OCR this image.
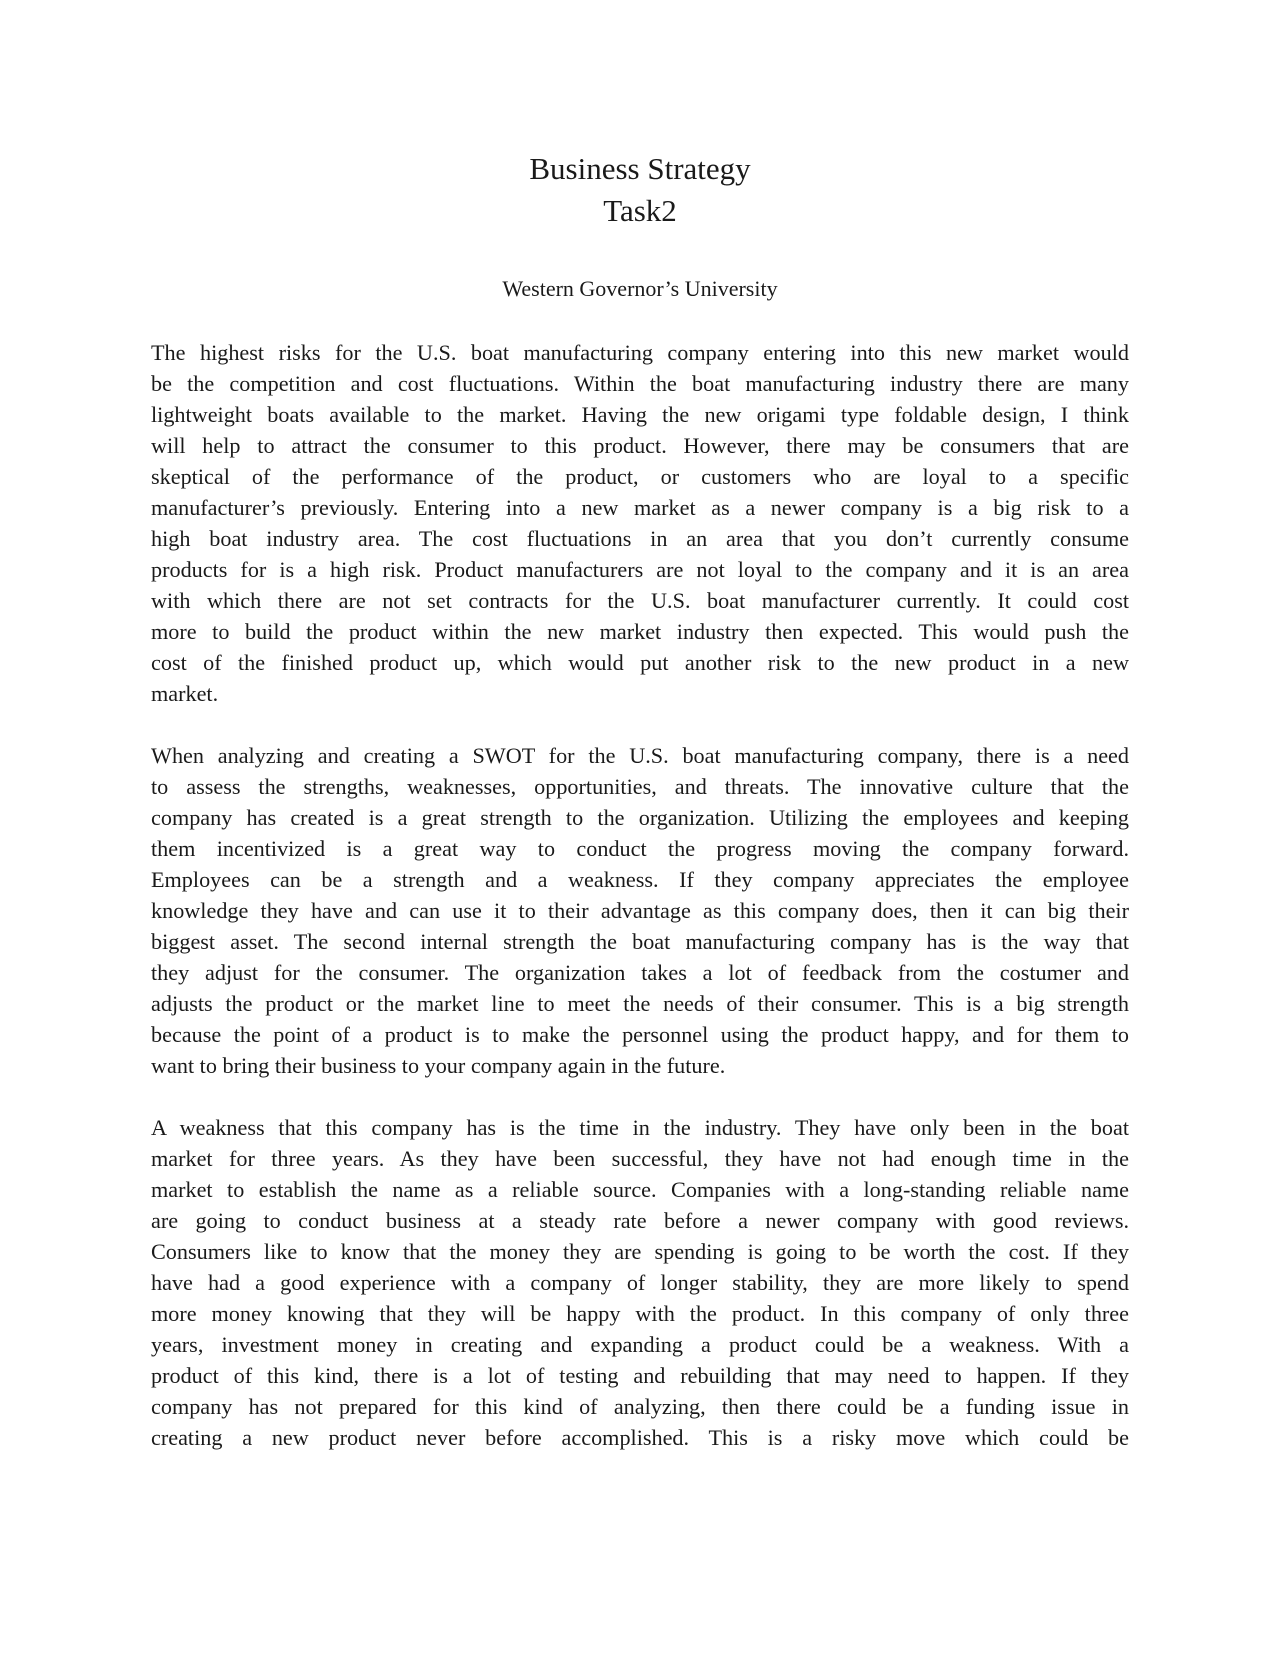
Business Strategy
Task2
Western Governor’s University

The highest risks for the U.S. boat manufacturing company entering into this new market would
be the competition and cost fluctuations. Within the boat manufacturing industry there are many
lightweight boats available to the market. Having the new origami type foldable design, I think
will help to attract the consumer to this product. However, there may be consumers that are
skeptical of the performance of the product, or customers who are loyal to a specific
manufacturer’s previously. Entering into a new market as a newer company is a big risk to a
high boat industry area. The cost fluctuations in an area that you don’t currently consume
products for is a high risk. Product manufacturers are not loyal to the company and it is an area
with which there are not set contracts for the U.S. boat manufacturer currently. It could cost
more to build the product within the new market industry then expected. This would push the
cost of the finished product up, which would put another risk to the new product in a new
market.

When analyzing and creating a SWOT for the U.S. boat manufacturing company, there is a need
to assess the strengths, weaknesses, opportunities, and threats. The innovative culture that the
company has created is a great strength to the organization. Utilizing the employees and keeping
them incentivized is a great way to conduct the progress moving the company forward.
Employees can be a strength and a weakness. If they company appreciates the employee
knowledge they have and can use it to their advantage as this company does, then it can big their
biggest asset. The second internal strength the boat manufacturing company has is the way that
they adjust for the consumer. The organization takes a lot of feedback from the costumer and
adjusts the product or the market line to meet the needs of their consumer. This is a big strength
because the point of a product is to make the personnel using the product happy, and for them to
want to bring their business to your company again in the future.

A weakness that this company has is the time in the industry. They have only been in the boat
market for three years. As they have been successful, they have not had enough time in the
market to establish the name as a reliable source. Companies with a long-standing reliable name
are going to conduct business at a steady rate before a newer company with good reviews.
Consumers like to know that the money they are spending is going to be worth the cost. If they
have had a good experience with a company of longer stability, they are more likely to spend
more money knowing that they will be happy with the product. In this company of only three
years, investment money in creating and expanding a product could be a weakness. With a
product of this kind, there is a lot of testing and rebuilding that may need to happen. If they
company has not prepared for this kind of analyzing, then there could be a funding issue in
creating a new product never before accomplished. This is a risky move which could be
